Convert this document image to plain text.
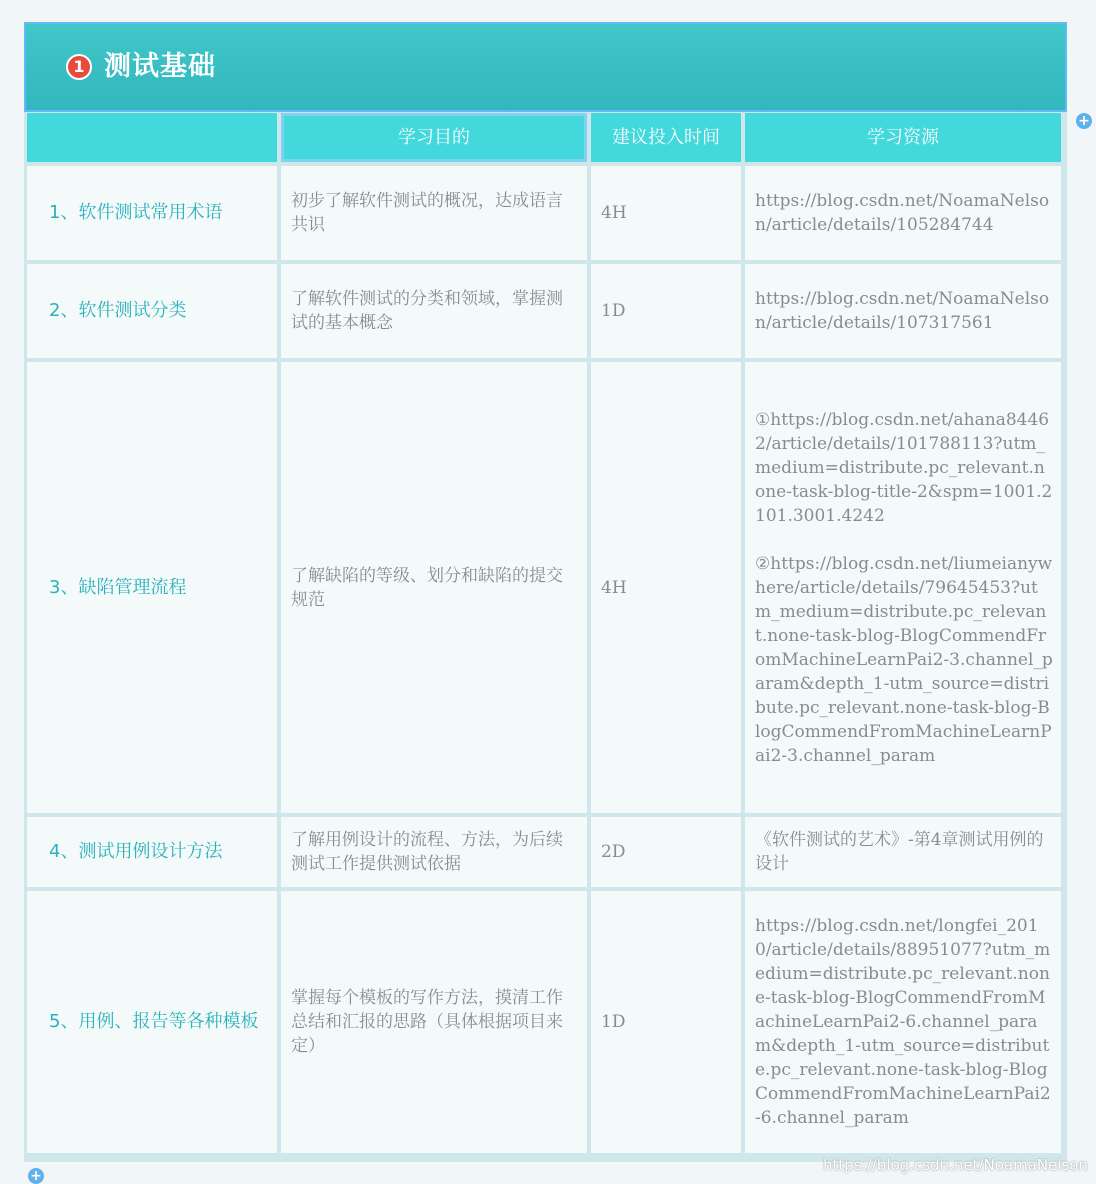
1 测试基础
	学习目的	建议投入时间	学习资源
1、软件测试常用术语	初步了解软件测试的概况，达成语言共识	4H	https://blog.csdn.net/NoamaNelson/article/details/105284744

2、软件测试分类	了解软件测试的分类和领域，掌握测试的基本概念	1D	https://blog.csdn.net/NoamaNelson/article/details/107317561

3、缺陷管理流程	了解缺陷的等级、划分和缺陷的提交规范	4H	①https://blog.csdn.net/ahana84462/article/details/101788113?utm_medium=distribute.pc_relevant.none-task-blog-title-2&spm=1001.2101.3001.4242
②https://blog.csdn.net/liumeianywhere/article/details/79645453?utm_medium=distribute.pc_relevant.none-task-blog-BlogCommendFromMachineLearnPai2-3.channel_param&depth_1-utm_source=distribute.pc_relevant.none-task-blog-BlogCommendFromMachineLearnPai2-3.channel_param

4、测试用例设计方法	了解用例设计的流程、方法，为后续测试工作提供测试依据	2D	《软件测试的艺术》-第4章测试用例的设计

5、用例、报告等各种模板	掌握每个模板的写作方法，摸清工作总结和汇报的思路（具体根据项目来定）	1D	https://blog.csdn.net/longfei_2010/article/details/88951077?utm_medium=distribute.pc_relevant.none-task-blog-BlogCommendFromMachineLearnPai2-6.channel_param&depth_1-utm_source=distribute.pc_relevant.none-task-blog-BlogCommendFromMachineLearnPai2-6.channel_param
+
+
https://blog.csdn.net/NoamaNelson
